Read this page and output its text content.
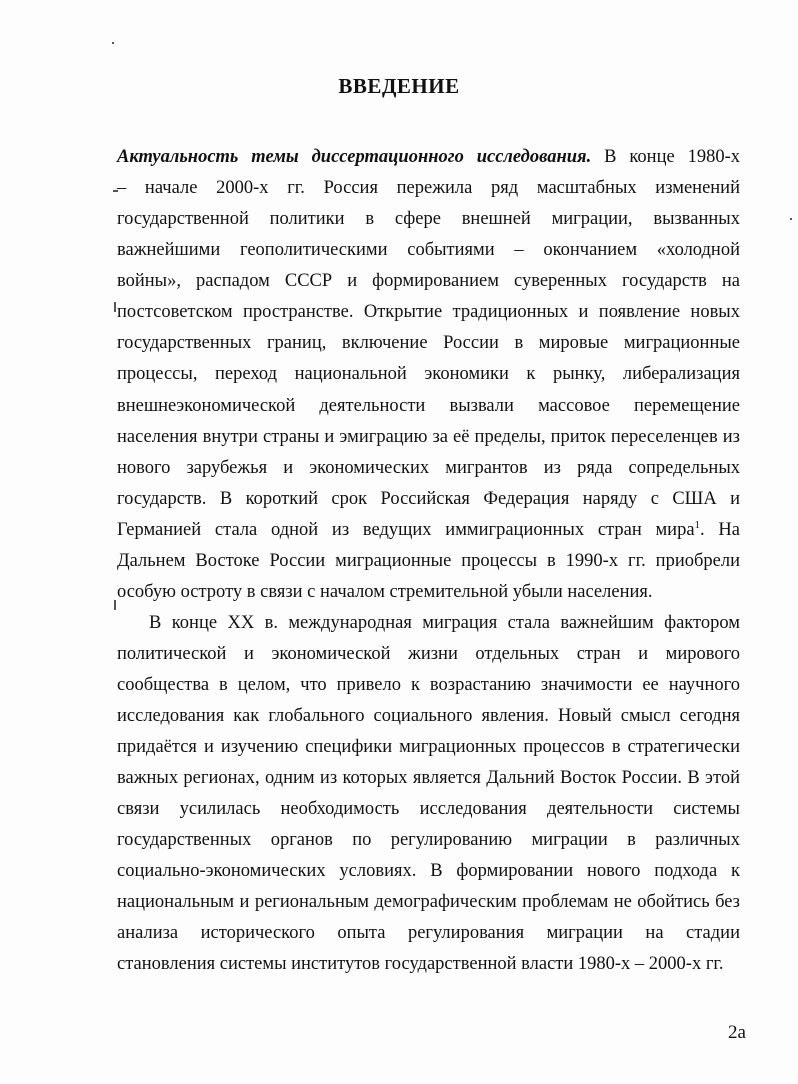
ВВЕДЕНИЕ
Актуальность темы диссертационного исследования. В конце 1980-х
– начале 2000-х гг. Россия пережила ряд масштабных изменений
государственной политики в сфере внешней миграции, вызванных
важнейшими геополитическими событиями – окончанием «холодной
войны», распадом СССР и формированием суверенных государств на
постсоветском пространстве. Открытие традиционных и появление новых
государственных границ, включение России в мировые миграционные
процессы, переход национальной экономики к рынку, либерализация
внешнеэкономической деятельности вызвали массовое перемещение
населения внутри страны и эмиграцию за её пределы, приток переселенцев из
нового зарубежья и экономических мигрантов из ряда сопредельных
государств. В короткий срок Российская Федерация наряду с США и
Германией стала одной из ведущих иммиграционных стран мира$^1$. На
Дальнем Востоке России миграционные процессы в 1990-х гг. приобрели
особую остроту в связи с началом стремительной убыли населения.
В конце XX в. международная миграция стала важнейшим фактором
политической и экономической жизни отдельных стран и мирового
сообщества в целом, что привело к возрастанию значимости ее научного
исследования как глобального социального явления. Новый смысл сегодня
придаётся и изучению специфики миграционных процессов в стратегически
важных регионах, одним из которых является Дальний Восток России. В этой
связи усилилась необходимость исследования деятельности системы
государственных органов по регулированию миграции в различных
социально-экономических условиях. В формировании нового подхода к
национальным и региональным демографическим проблемам не обойтись без
анализа исторического опыта регулирования миграции на стадии
становления системы институтов государственной власти 1980-х – 2000-х гг.
2а
